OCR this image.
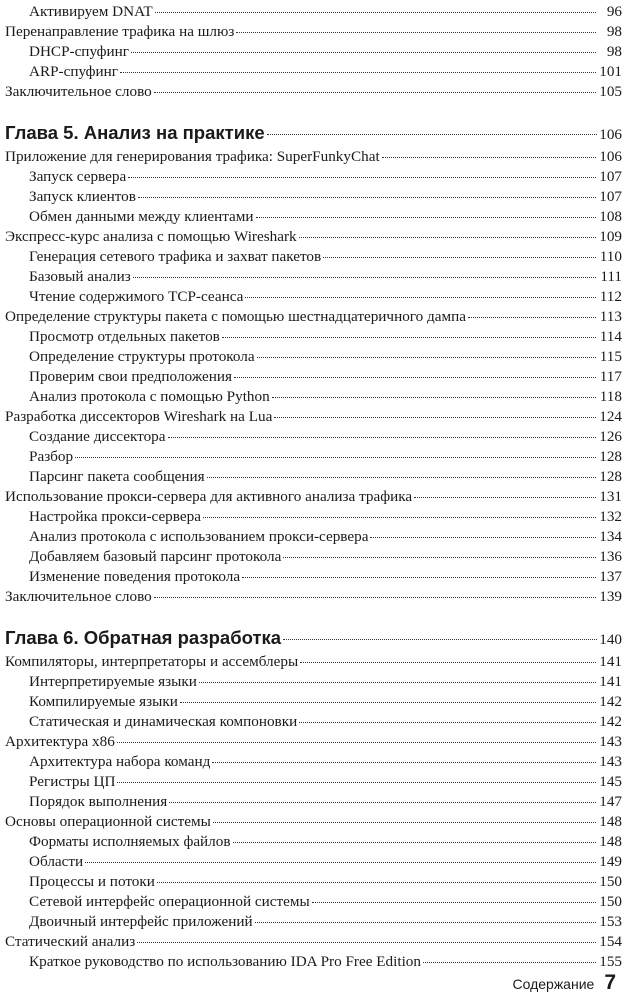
Активируем DNAT	96
Перенаправление трафика на шлюз	98
DHCP-спуфинг	98
ARP-спуфинг	101
Заключительное слово	105
Глава 5. Анализ на практике	106
Приложение для генерирования трафика: SuperFunkyChat	106
Запуск сервера	107
Запуск клиентов	107
Обмен данными между клиентами	108
Экспресс-курс анализа с помощью Wireshark	109
Генерация сетевого трафика и захват пакетов	110
Базовый анализ	111
Чтение содержимого TCP-сеанса	112
Определение структуры пакета с помощью шестнадцатеричного дампа	113
Просмотр отдельных пакетов	114
Определение структуры протокола	115
Проверим свои предположения	117
Анализ протокола с помощью Python	118
Разработка диссекторов Wireshark на Lua	124
Создание диссектора	126
Разбор	128
Парсинг пакета сообщения	128
Использование прокси-сервера для активного анализа трафика	131
Настройка прокси-сервера	132
Анализ протокола с использованием прокси-сервера	134
Добавляем базовый парсинг протокола	136
Изменение поведения протокола	137
Заключительное слово	139
Глава 6. Обратная разработка	140
Компиляторы, интерпретаторы и ассемблеры	141
Интерпретируемые языки	141
Компилируемые языки	142
Статическая и динамическая компоновки	142
Архитектура x86	143
Архитектура набора команд	143
Регистры ЦП	145
Порядок выполнения	147
Основы операционной системы	148
Форматы исполняемых файлов	148
Области	149
Процессы и потоки	150
Сетевой интерфейс операционной системы	150
Двоичный интерфейс приложений	153
Статический анализ	154
Краткое руководство по использованию IDA Pro Free Edition	155
Содержание 7
